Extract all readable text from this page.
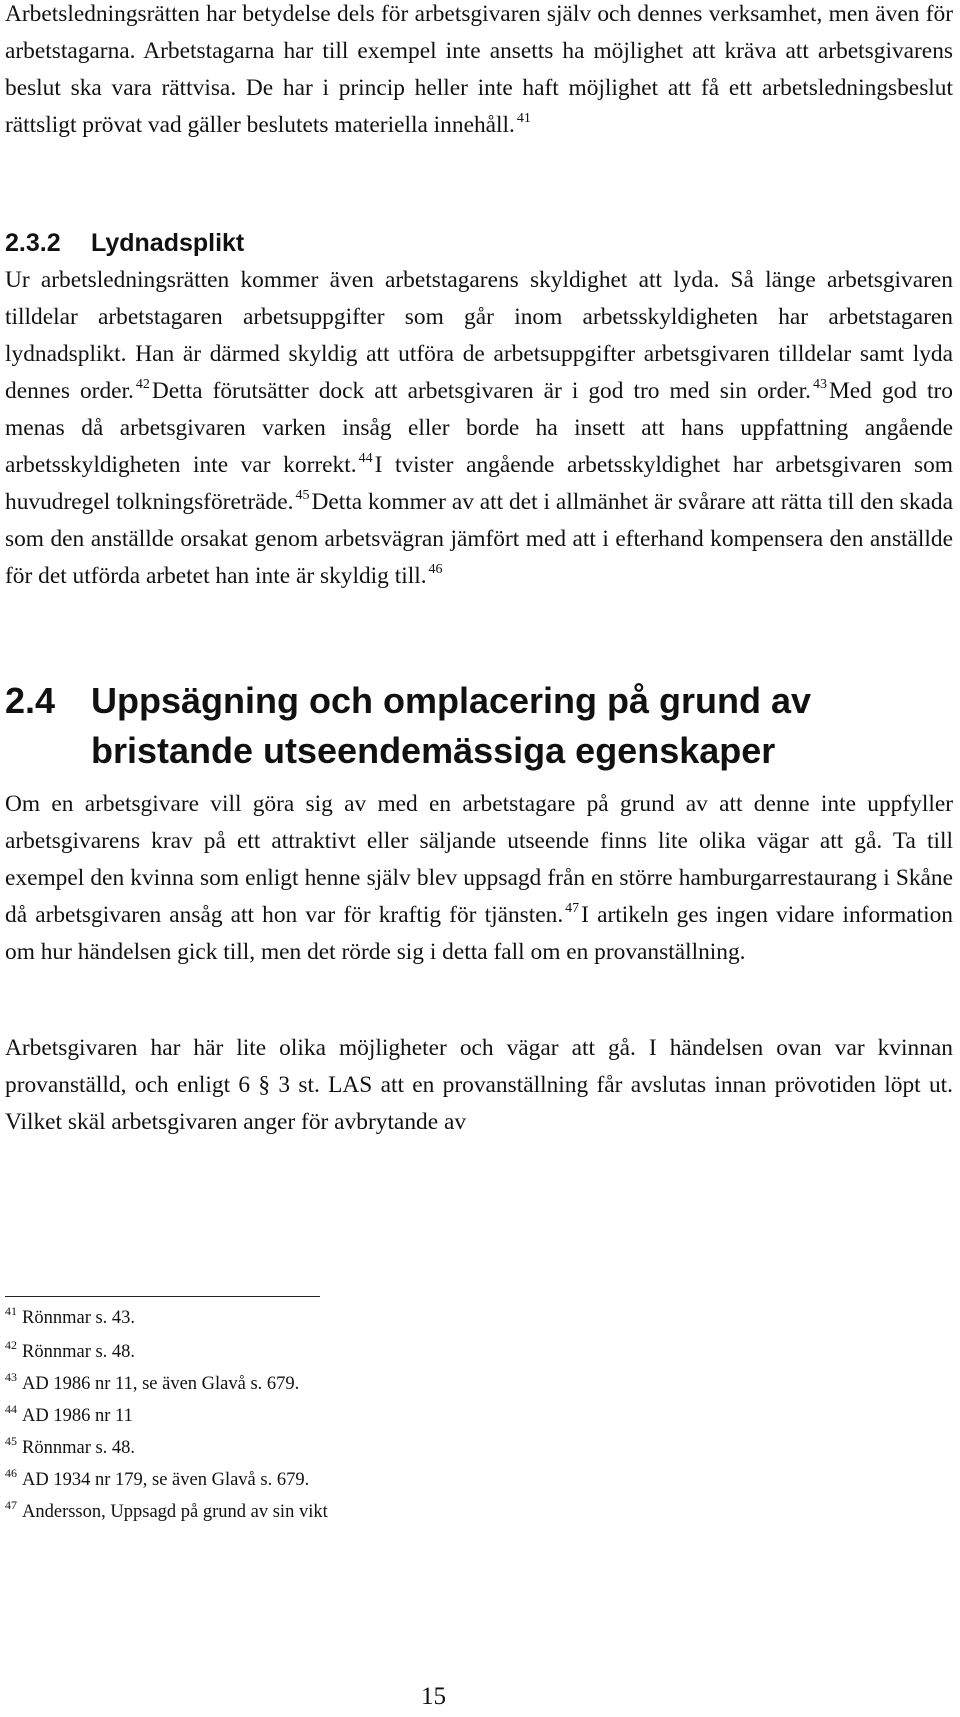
Arbetsledningsrätten har betydelse dels för arbetsgivaren själv och dennes verksamhet, men även för arbetstagarna. Arbetstagarna har till exempel inte ansetts ha möjlighet att kräva att arbetsgivarens beslut ska vara rättvisa. De har i princip heller inte haft möjlighet att få ett arbetsledningsbeslut rättsligt prövat vad gäller beslutets materiella innehåll. $^{41}$

2.3.2 Lydnadsplikt

Ur arbetsledningsrätten kommer även arbetstagarens skyldighet att lyda. Så länge arbetsgivaren tilldelar arbetstagaren arbetsuppgifter som går inom arbetsskyldigheten har arbetstagaren lydnadsplikt. Han är därmed skyldig att utföra de arbetsuppgifter arbetsgivaren tilldelar samt lyda dennes order. $^{42}$Detta förutsätter dock att arbetsgivaren är i god tro med sin order. $^{43}$Med god tro menas då arbetsgivaren varken insåg eller borde ha insett att hans uppfattning angående arbetsskyldigheten inte var korrekt. $^{44}$I tvister angående arbetsskyldighet har arbetsgivaren som huvudregel tolkningsföreträde. $^{45}$Detta kommer av att det i allmänhet är svårare att rätta till den skada som den anställde orsakat genom arbetsvägran jämfört med att i efterhand kompensera den anställde för det utförda arbetet han inte är skyldig till. $^{46}$

2.4 Uppsägning och omplacering på grund av bristande utseendemässiga egenskaper

Om en arbetsgivare vill göra sig av med en arbetstagare på grund av att denne inte uppfyller arbetsgivarens krav på ett attraktivt eller säljande utseende finns lite olika vägar att gå. Ta till exempel den kvinna som enligt henne själv blev uppsagd från en större hamburgarrestaurang i Skåne då arbetsgivaren ansåg att hon var för kraftig för tjänsten. $^{47}$I artikeln ges ingen vidare information om hur händelsen gick till, men det rörde sig i detta fall om en provanställning.

Arbetsgivaren har här lite olika möjligheter och vägar att gå. I händelsen ovan var kvinnan provanställd, och enligt 6 § 3 st. LAS att en provanställning får avslutas innan prövotiden löpt ut. Vilket skäl arbetsgivaren anger för avbrytande av

$^{41}$ Rönnmar s. 43.

$^{42}$ Rönnmar s. 48.

$^{43}$ AD 1986 nr 11, se även Glavå s. 679.

$^{44}$ AD 1986 nr 11

$^{45}$ Rönnmar s. 48.

$^{46}$ AD 1934 nr 179, se även Glavå s. 679.

$^{47}$ Andersson, Uppsagd på grund av sin vikt

15
